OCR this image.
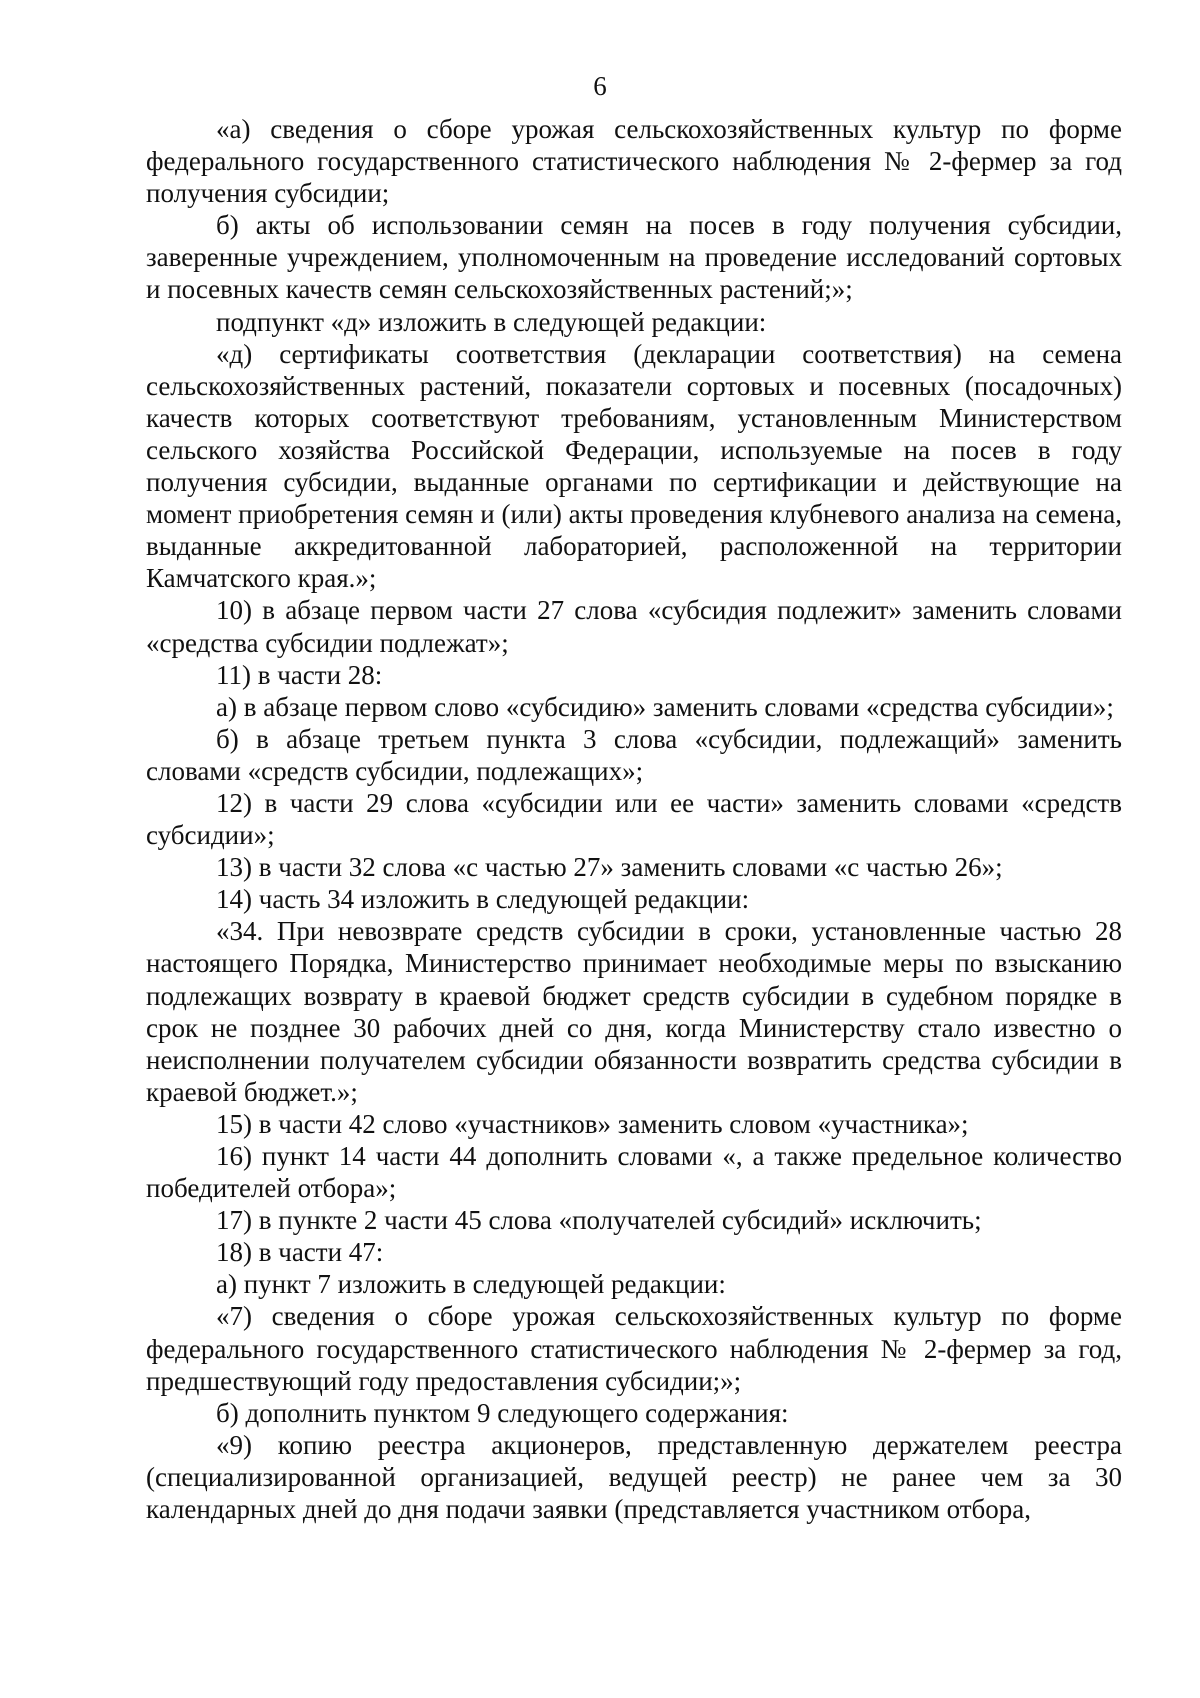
6

«а) сведения о сборе урожая сельскохозяйственных культур по форме федерального государственного статистического наблюдения № 2-фермер за год получения субсидии;

б) акты об использовании семян на посев в году получения субсидии, заверенные учреждением, уполномоченным на проведение исследований сортовых и посевных качеств семян сельскохозяйственных растений;»;

подпункт «д» изложить в следующей редакции:

«д) сертификаты соответствия (декларации соответствия) на семена сельскохозяйственных растений, показатели сортовых и посевных (посадочных) качеств которых соответствуют требованиям, установленным Министерством сельского хозяйства Российской Федерации, используемые на посев в году получения субсидии, выданные органами по сертификации и действующие на момент приобретения семян и (или) акты проведения клубневого анализа на семена, выданные аккредитованной лабораторией, расположенной на территории Камчатского края.»;

10) в абзаце первом части 27 слова «субсидия подлежит» заменить словами «средства субсидии подлежат»;

11) в части 28:

а) в абзаце первом слово «субсидию» заменить словами «средства субсидии»;

б) в абзаце третьем пункта 3 слова «субсидии, подлежащий» заменить словами «средств субсидии, подлежащих»;

12) в части 29 слова «субсидии или ее части» заменить словами «средств субсидии»;

13) в части 32 слова «с частью 27» заменить словами «с частью 26»;

14) часть 34 изложить в следующей редакции:

«34. При невозврате средств субсидии в сроки, установленные частью 28 настоящего Порядка, Министерство принимает необходимые меры по взысканию подлежащих возврату в краевой бюджет средств субсидии в судебном порядке в срок не позднее 30 рабочих дней со дня, когда Министерству стало известно о неисполнении получателем субсидии обязанности возвратить средства субсидии в краевой бюджет.»;

15) в части 42 слово «участников» заменить словом «участника»;

16) пункт 14 части 44 дополнить словами «, а также предельное количество победителей отбора»;

17) в пункте 2 части 45 слова «получателей субсидий» исключить;

18) в части 47:

а) пункт 7 изложить в следующей редакции:

«7) сведения о сборе урожая сельскохозяйственных культур по форме федерального государственного статистического наблюдения № 2-фермер за год, предшествующий году предоставления субсидии;»;

б) дополнить пунктом 9 следующего содержания:

«9) копию реестра акционеров, представленную держателем реестра (специализированной организацией, ведущей реестр) не ранее чем за 30 календарных дней до дня подачи заявки (представляется участником отбора,
